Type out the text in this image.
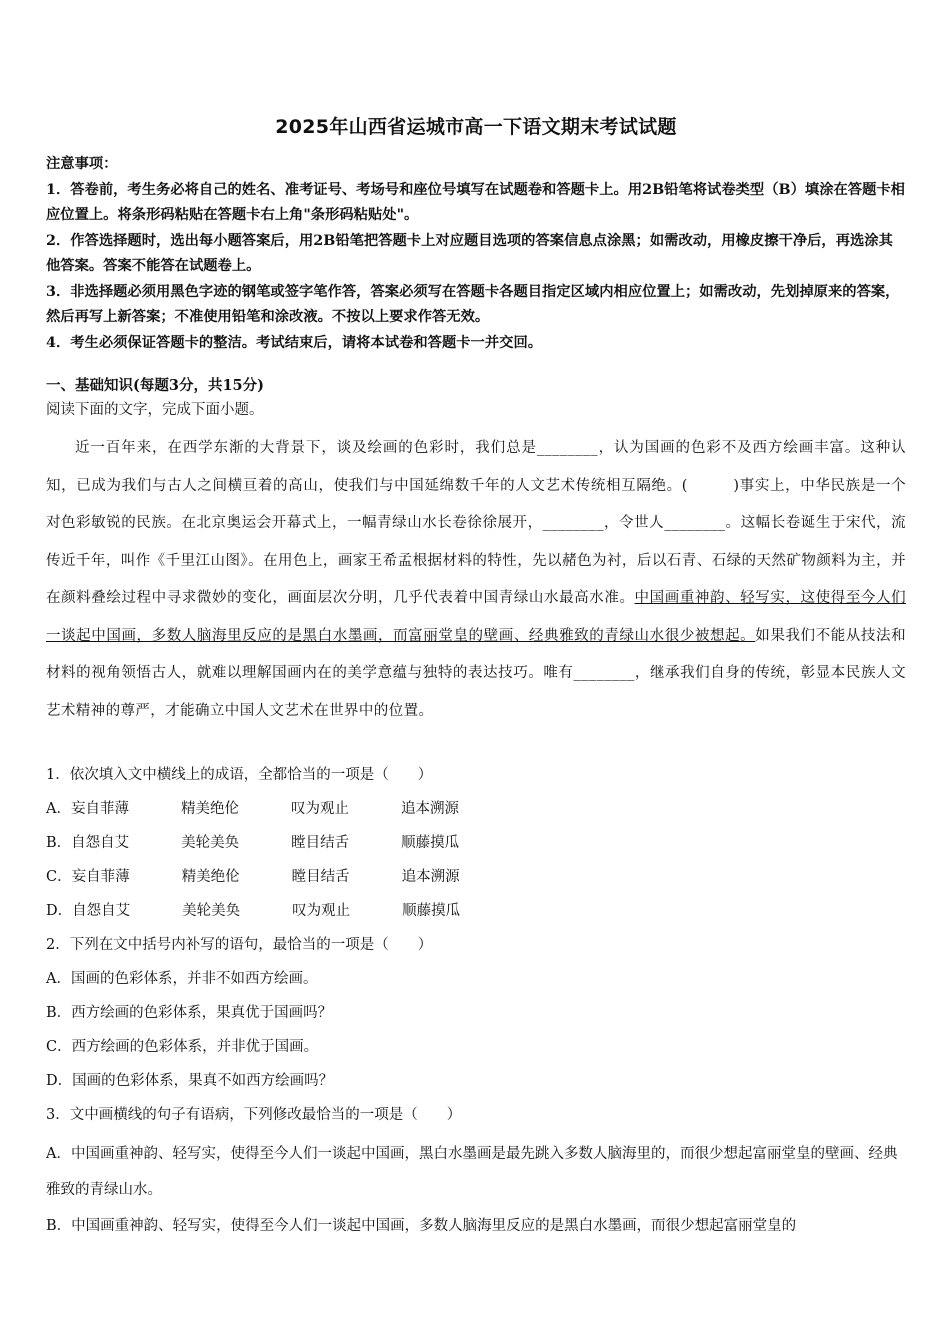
2025年山西省运城市高一下语文期末考试试题

注意事项：

1．答卷前，考生务必将自己的姓名、准考证号、考场号和座位号填写在试题卷和答题卡上。用2B铅笔将试卷类型（B）填涂在答题卡相应位置上。将条形码粘贴在答题卡右上角"条形码粘贴处"。

2．作答选择题时，选出每小题答案后，用2B铅笔把答题卡上对应题目选项的答案信息点涂黑；如需改动，用橡皮擦干净后，再选涂其他答案。答案不能答在试题卷上。

3．非选择题必须用黑色字迹的钢笔或签字笔作答，答案必须写在答题卡各题目指定区域内相应位置上；如需改动，先划掉原来的答案，然后再写上新答案；不准使用铅笔和涂改液。不按以上要求作答无效。

4．考生必须保证答题卡的整洁。考试结束后，请将本试卷和答题卡一并交回。

一、基础知识(每题3分，共15分)
阅读下面的文字，完成下面小题。

近一百年来，在西学东渐的大背景下，谈及绘画的色彩时，我们总是________，认为国画的色彩不及西方绘画丰富。这种认知，已成为我们与古人之间横亘着的高山，使我们与中国延绵数千年的人文艺术传统相互隔绝。(　　　)事实上，中华民族是一个对色彩敏锐的民族。在北京奥运会开幕式上，一幅青绿山水长卷徐徐展开，________，令世人________。这幅长卷诞生于宋代，流传近千年，叫作《千里江山图》。在用色上，画家王希孟根据材料的特性，先以赭色为衬，后以石青、石绿的天然矿物颜料为主，并在颜料叠绘过程中寻求微妙的变化，画面层次分明，几乎代表着中国青绿山水最高水准。中国画重神韵、轻写实，这使得至今人们一谈起中国画，多数人脑海里反应的是黑白水墨画，而富丽堂皇的壁画、经典雅致的青绿山水很少被想起。如果我们不能从技法和材料的视角领悟古人，就难以理解国画内在的美学意蕴与独特的表达技巧。唯有________，继承我们自身的传统，彰显本民族人文艺术精神的尊严，才能确立中国人文艺术在世界中的位置。

1．依次填入文中横线上的成语，全都恰当的一项是（　　）
A．妄自菲薄	精美绝伦	叹为观止	追本溯源
B．自怨自艾	美轮美奂	瞠目结舌	顺藤摸瓜
C．妄自菲薄	精美绝伦	瞠目结舌	追本溯源
D．自怨自艾	美轮美奂	叹为观止	顺藤摸瓜
2．下列在文中括号内补写的语句，最恰当的一项是（　　）
A．国画的色彩体系，并非不如西方绘画。
B．西方绘画的色彩体系，果真优于国画吗？
C．西方绘画的色彩体系，并非优于国画。
D．国画的色彩体系，果真不如西方绘画吗？
3．文中画横线的句子有语病，下列修改最恰当的一项是（　　）

A．中国画重神韵、轻写实，使得至今人们一谈起中国画，黑白水墨画是最先跳入多数人脑海里的，而很少想起富丽堂皇的壁画、经典雅致的青绿山水。

B．中国画重神韵、轻写实，使得至今人们一谈起中国画，多数人脑海里反应的是黑白水墨画，而很少想起富丽堂皇的
